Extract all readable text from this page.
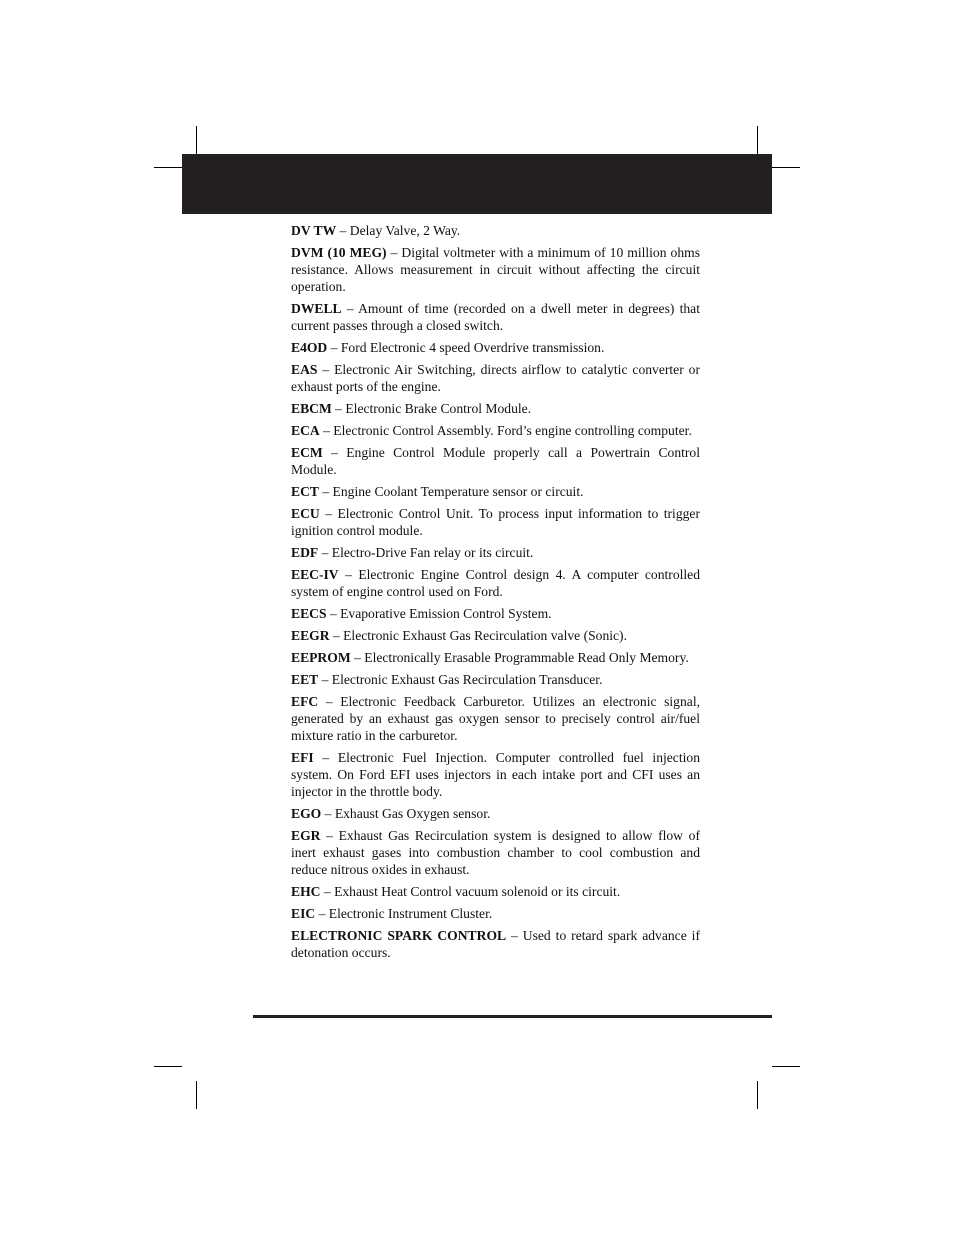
DV TW – Delay Valve, 2 Way.

DVM (10 MEG) – Digital voltmeter with a minimum of 10 million ohms resistance. Allows measurement in circuit without affecting the circuit operation.

DWELL – Amount of time (recorded on a dwell meter in degrees) that current passes through a closed switch.

E4OD – Ford Electronic 4 speed Overdrive transmission.

EAS – Electronic Air Switching, directs airflow to catalytic converter or exhaust ports of the engine.

EBCM – Electronic Brake Control Module.

ECA – Electronic Control Assembly. Ford’s engine controlling computer.

ECM – Engine Control Module properly call a Powertrain Control Module.

ECT – Engine Coolant Temperature sensor or circuit.

ECU – Electronic Control Unit. To process input information to trigger ignition control module.

EDF – Electro-Drive Fan relay or its circuit.

EEC-IV – Electronic Engine Control design 4. A computer controlled system of engine control used on Ford.

EECS – Evaporative Emission Control System.

EEGR – Electronic Exhaust Gas Recirculation valve (Sonic).

EEPROM – Electronically Erasable Programmable Read Only Memory.

EET – Electronic Exhaust Gas Recirculation Transducer.

EFC – Electronic Feedback Carburetor. Utilizes an electronic signal, generated by an exhaust gas oxygen sensor to precisely control air/fuel mixture ratio in the carburetor.

EFI – Electronic Fuel Injection. Computer controlled fuel injection system. On Ford EFI uses injectors in each intake port and CFI uses an injector in the throttle body.

EGO – Exhaust Gas Oxygen sensor.

EGR – Exhaust Gas Recirculation system is designed to allow flow of inert exhaust gases into combustion chamber to cool combustion and reduce nitrous oxides in exhaust.

EHC – Exhaust Heat Control vacuum solenoid or its circuit.

EIC – Electronic Instrument Cluster.

ELECTRONIC SPARK CONTROL – Used to retard spark advance if detonation occurs.
